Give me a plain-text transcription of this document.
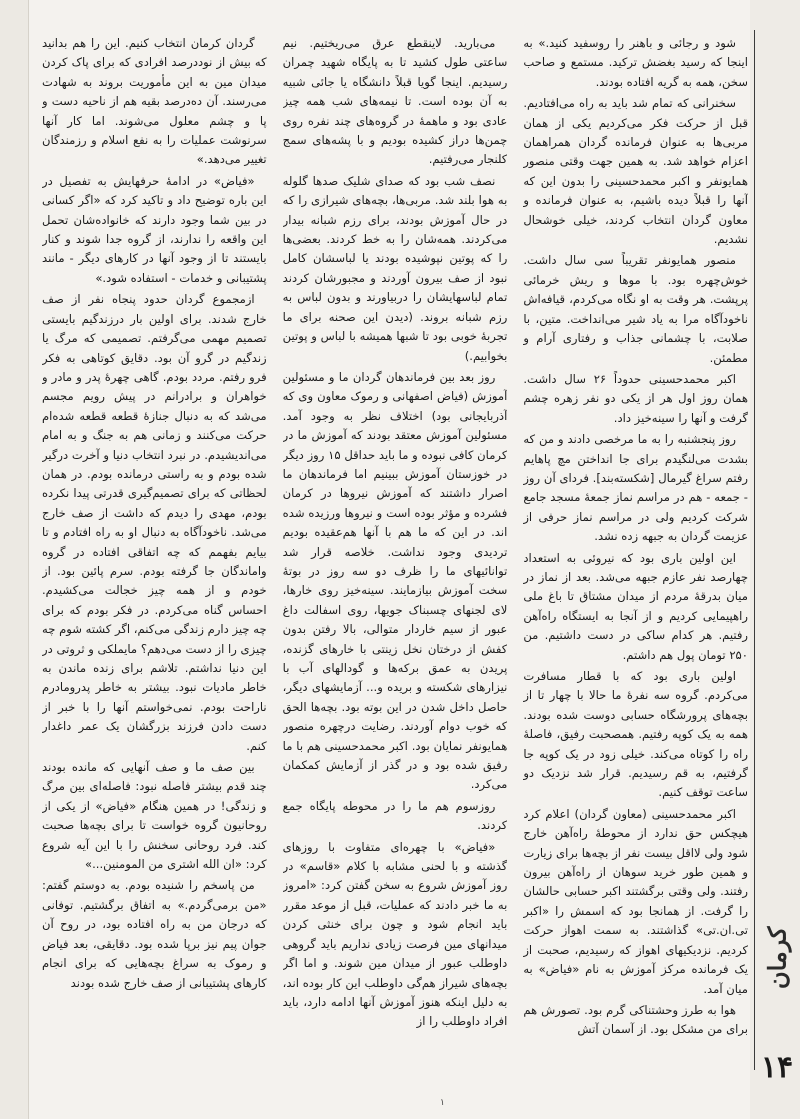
کرمان
۱۴

شود و رجائی و باهنر را روسفید کنید.» به اینجا که رسید بغضش ترکید. مستمع و صاحب سخن، همه به گریه افتاده بودند.

سخنرانی که تمام شد باید به راه می‌افتادیم. قبل از حرکت فکر می‌کردیم یکی از همان مربی‌ها به عنوان فرمانده گردان همراهمان اعزام خواهد شد. به همین جهت وقتی منصور همایونفر و اکبر محمدحسینی را بدون این که آنها را قبلاً دیده باشیم، به عنوان فرمانده و معاون گردان انتخاب کردند، خیلی خوشحال نشدیم.

منصور همایونفر تقریباً سی سال داشت. خوش‌چهره بود. با موها و ریش خرمائی پرپشت. هر وقت به او نگاه می‌کردم، قیافه‌اش ناخودآگاه مرا به یاد شیر می‌انداخت. متین، با صلابت، با چشمانی جذاب و رفتاری آرام و مطمئن.

اکبر محمدحسینی حدوداً ۲۶ سال داشت. همان روز اول هر از یکی دو نفر زهره چشم گرفت و آنها را سینه‌خیز داد.

روز پنجشنبه را به ما مرخصی دادند و من که بشدت می‌لنگیدم برای جا انداختن مچ پاهایم رفتم سراغ گیرمال [شکسته‌بند]. فردای آن روز - جمعه - هم در مراسم نماز جمعهٔ مسجد جامع شرکت کردیم ولی در مراسم نماز حرفی از عزیمت گردان به جبهه زده نشد.

این اولین باری بود که نیروئی به استعداد چهارصد نفر عازم جبهه می‌شد. بعد از نماز در میان بدرقهٔ مردم از میدان مشتاق تا باغ ملی راهپیمایی کردیم و از آنجا به ایستگاه راه‌آهن رفتیم. هر کدام ساکی در دست داشتیم. من ۲۵۰ تومان پول هم داشتم.

اولین باری بود که با قطار مسافرت می‌کردم. گروه سه نفرهٔ ما حالا با چهار تا از بچه‌های پرورشگاه حسابی دوست شده بودند. همه به یک کوپه رفتیم. همصحبت رفیق، فاصلهٔ راه را کوتاه می‌کند. خیلی زود در یک کوپه جا گرفتیم، به قم رسیدیم. قرار شد نزدیک دو ساعت توقف کنیم.

اکبر محمدحسینی (معاون گردان) اعلام کرد هیچکس حق ندارد از محوطهٔ راه‌آهن خارج شود ولی لااقل بیست نفر از بچه‌ها برای زیارت و همین طور خرید سوهان از راه‌آهن بیرون رفتند. ولی وقتی برگشتند اکبر حسابی حالشان را گرفت. از همانجا بود که اسمش را «اکبر تی.ان.تی» گذاشتند. به سمت اهواز حرکت کردیم. نزدیکیهای اهواز که رسیدیم، صحبت از یک فرمانده مرکز آموزش به نام «فیاض» به میان آمد.

هوا به طرز وحشتناکی گرم بود. تصورش هم برای من مشکل بود. از آسمان آتش

می‌بارید. لاینقطع عرق می‌ریختیم. نیم ساعتی طول کشید تا به پایگاه شهید چمران رسیدیم. اینجا گویا قبلاً دانشگاه یا جائی شبیه به آن بوده است. تا نیمه‌های شب همه چیز عادی بود و ماهمهٔ در گروه‌های چند نفره روی چمن‌ها دراز کشیده بودیم و با پشه‌های سمج کلنجار می‌رفتیم.

نصف شب بود که صدای شلیک صدها گلوله به هوا بلند شد. مربی‌ها، بچه‌های شیرازی را که در حال آموزش بودند، برای رزم شبانه بیدار می‌کردند. همه‌شان را به خط کردند. بعضی‌ها را که پوتین نپوشیده بودند یا لباسشان کامل نبود از صف بیرون آوردند و مجبورشان کردند تمام لباسهایشان را دربیاورند و بدون لباس به رزم شبانه بروند. (دیدن این صحنه برای ما تجربهٔ خوبی بود تا شبها همیشه با لباس و پوتین بخوابیم.)

روز بعد بین فرماندهان گردان ما و مسئولین آموزش (فیاض اصفهانی و رموک معاون وی که آذربایجانی بود) اختلاف نظر به وجود آمد. مسئولین آموزش معتقد بودند که آموزش ما در کرمان کافی نبوده و ما باید حداقل ۱۵ روز دیگر در خوزستان آموزش ببینیم اما فرماندهان ما اصرار داشتند که آموزش نیروها در کرمان فشرده و مؤثر بوده است و نیروها ورزیده شده اند. در این که ما هم با آنها هم‌عقیده بودیم تردیدی وجود نداشت. خلاصه قرار شد توانائیهای ما را ظرف دو سه روز در بوتهٔ سخت آموزش بیازمایند. سینه‌خیز روی خارها، لای لجنهای چسبناک جویها، روی اسفالت داغ عبور از سیم خاردار متوالی، بالا رفتن بدون کفش از درختان نخل زینتی با خارهای گزنده، پریدن به عمق برکه‌ها و گودالهای آب با نیزارهای شکسته و بریده و... آزمایشهای دیگر، حاصل داخل شدن در این بوته بود. بچه‌ها الحق که خوب دوام آوردند. رضایت درچهره منصور همایونفر نمایان بود. اکبر محمدحسینی هم با ما رفیق شده بود و در گذر از آزمایش کمکمان می‌کرد.

روزسوم هم ما را در محوطه پایگاه جمع کردند.

«فیاض» با چهره‌ای متفاوت با روزهای گذشته و با لحنی مشابه با کلام «قاسم» در روز آموزش شروع به سخن گفتن کرد: «امروز به ما خبر دادند که عملیات، قبل از موعد مقرر باید انجام شود و چون برای خنثی کردن میدانهای مین فرصت زیادی نداریم باید گروهی داوطلب عبور از میدان مین شوند. و اما اگر بچه‌های شیراز هم‌گی داوطلب این کار بوده اند، به دلیل اینکه هنوز آموزش آنها ادامه دارد، باید افراد داوطلب را از

گردان کرمان انتخاب کنیم. این را هم بدانید که بیش از نوددرصد افرادی که برای پاک کردن میدان مین به این مأموریت بروند به شهادت می‌رسند. آن ده‌درصد بقیه هم از ناحیه دست و پا و چشم معلول می‌شوند. اما کار آنها سرنوشت عملیات را به نفع اسلام و رزمندگان تغییر می‌دهد.»

«فیاض» در ادامهٔ حرفهایش به تفصیل در این باره توضیح داد و تاکید کرد که «اگر کسانی در بین شما وجود دارند که خانواده‌شان تحمل این واقعه را ندارند، از گروه جدا شوند و کنار بایستند تا از وجود آنها در کارهای دیگر - مانند پشتیبانی و خدمات - استفاده شود.»

ازمجموع گردان حدود پنجاه نفر از صف خارج شدند. برای اولین بار درزندگیم بایستی تصمیم مهمی می‌گرفتم. تصمیمی که مرگ یا زندگیم در گرو آن بود. دقایق کوتاهی به فکر فرو رفتم. مردد بودم. گاهی چهرهٔ پدر و مادر و خواهران و برادرانم در پیش رویم مجسم می‌شد که به دنبال جنازهٔ قطعه قطعه شده‌ام حرکت می‌کنند و زمانی هم به جنگ و به امام می‌اندیشیدم. در نبرد انتخاب دنیا و آخرت درگیر شده بودم و به راستی درمانده بودم. در همان لحظاتی که برای تصمیم‌گیری قدرتی پیدا نکرده بودم، مهدی را دیدم که داشت از صف خارج می‌شد. ناخودآگاه به دنبال او به راه افتادم و تا بیایم بفهمم که چه اتفاقی افتاده در گروه واماندگان جا گرفته بودم. سرم پائین بود. از خودم و از همه چیز خجالت می‌کشیدم. احساس گناه می‌کردم. در فکر بودم که برای چه چیز دارم زندگی می‌کنم، اگر کشته شوم چه چیزی را از دست می‌دهم؟ مایملکی و ثروتی در این دنیا نداشتم. تلاشم برای زنده ماندن به خاطر مادیات نبود. بیشتر به خاطر پدرومادرم ناراحت بودم. نمی‌خواستم آنها را با خبر از دست دادن فرزند بزرگشان یک عمر داغدار کنم.

بین صف ما و صف آنهایی که مانده بودند چند قدم بیشتر فاصله نبود: فاصله‌ای بین مرگ و زندگی! در همین هنگام «فیاض» از یکی از روحانیون گروه خواست تا برای بچه‌ها صحبت کند. فرد روحانی سخنش را با این آیه شروع کرد: «ان الله اشتری من المومنین...»

من پاسخم را شنیده بودم. به دوستم گفتم: «من برمی‌گردم.» به اتفاق برگشتیم. توفانی که درجان من به راه افتاده بود، در روح آن جوان پیم نیز برپا شده بود. دقایقی، بعد فیاض و رموک به سراغ بچه‌هایی که برای انجام کارهای پشتیبانی از صف خارج شده بودند

۱
